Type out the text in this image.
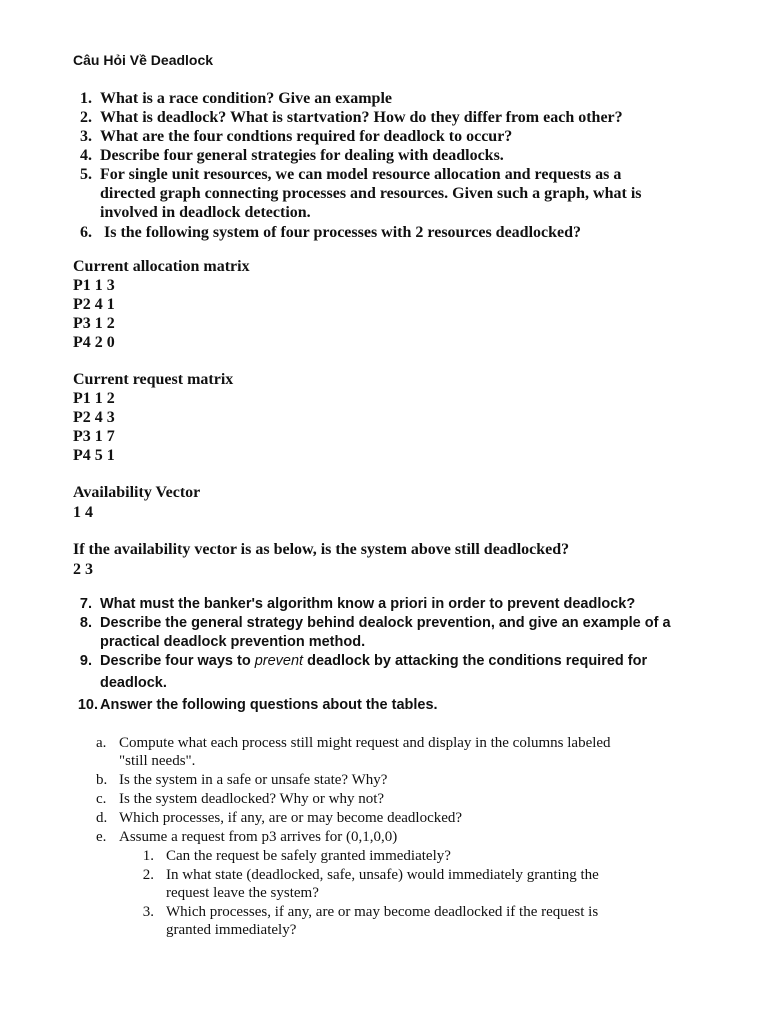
Câu Hỏi Về Deadlock
1. What is a race condition? Give an example
2. What is deadlock? What is startvation? How do they differ from each other?
3. What are the four condtions required for deadlock to occur?
4. Describe four general strategies for dealing with deadlocks.
5. For single unit resources, we can model resource allocation and requests as a
directed graph connecting processes and resources. Given such a graph, what is
involved in deadlock detection.
6. Is the following system of four processes with 2 resources deadlocked?
Current allocation matrix
P1 1 3
P2 4 1
P3 1 2
P4 2 0
Current request matrix
P1 1 2
P2 4 3
P3 1 7
P4 5 1
Availability Vector
1 4
If the availability vector is as below, is the system above still deadlocked?
2 3
7. What must the banker's algorithm know a priori in order to prevent deadlock?
8. Describe the general strategy behind dealock prevention, and give an example of a
practical deadlock prevention method.
9. Describe four ways to prevent deadlock by attacking the conditions required for
deadlock.
10. Answer the following questions about the tables.
a. Compute what each process still might request and display in the columns labeled
"still needs".
b. Is the system in a safe or unsafe state? Why?
c. Is the system deadlocked? Why or why not?
d. Which processes, if any, are or may become deadlocked?
e. Assume a request from p3 arrives for (0,1,0,0)
1. Can the request be safely granted immediately?
2. In what state (deadlocked, safe, unsafe) would immediately granting the
request leave the system?
3. Which processes, if any, are or may become deadlocked if the request is
granted immediately?
